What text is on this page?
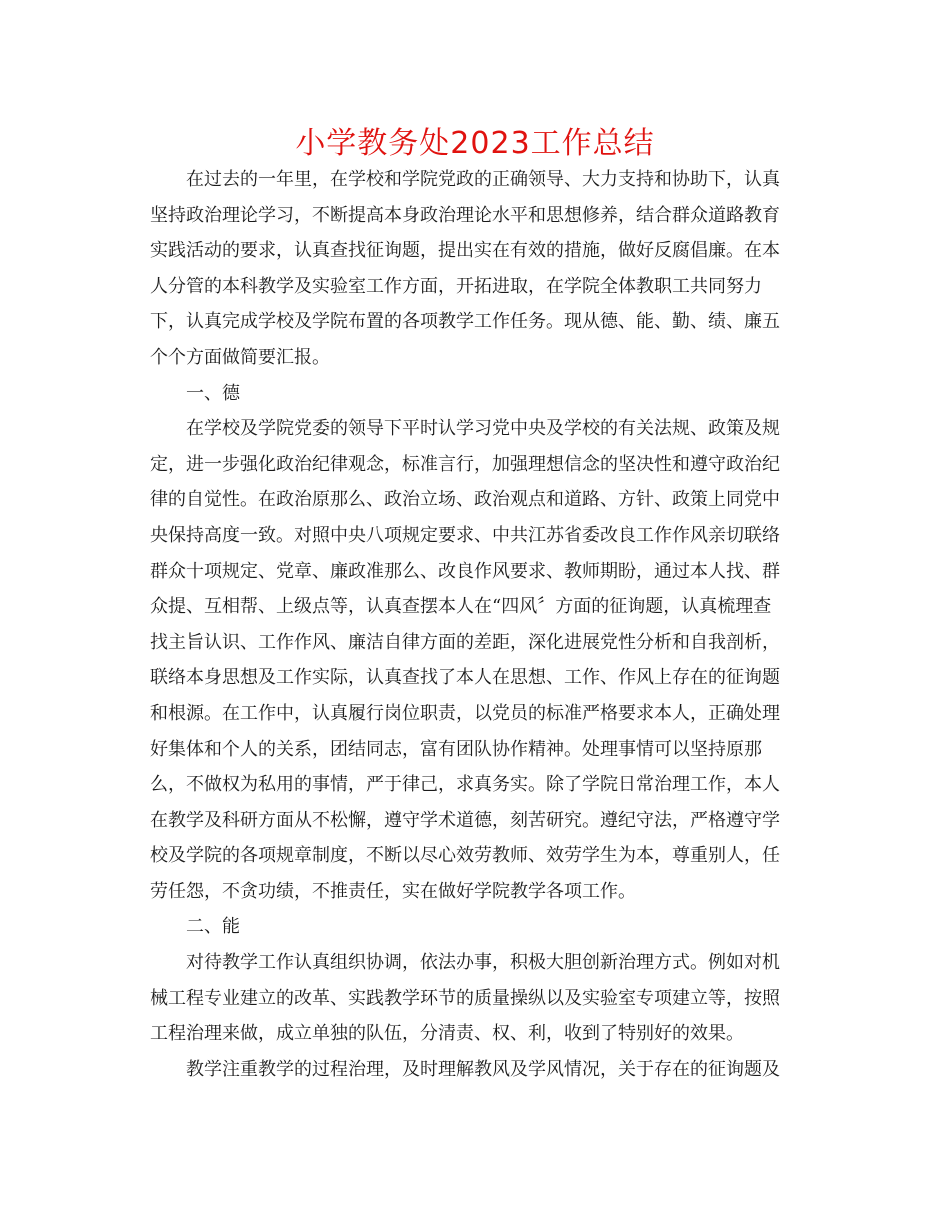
小学教务处2023工作总结
在过去的一年里，在学校和学院党政的正确领导、大力支持和协助下，认真
坚持政治理论学习，不断提高本身政治理论水平和思想修养，结合群众道路教育
实践活动的要求，认真查找征询题，提出实在有效的措施，做好反腐倡廉。在本
人分管的本科教学及实验室工作方面，开拓进取，在学院全体教职工共同努力
下，认真完成学校及学院布置的各项教学工作任务。现从德、能、勤、绩、廉五
个个方面做简要汇报。
一、德
在学校及学院党委的领导下平时认学习党中央及学校的有关法规、政策及规
定，进一步强化政治纪律观念，标准言行，加强理想信念的坚决性和遵守政治纪
律的自觉性。在政治原那么、政治立场、政治观点和道路、方针、政策上同党中
央保持高度一致。对照中央八项规定要求、中共江苏省委改良工作作风亲切联络
群众十项规定、党章、廉政准那么、改良作风要求、教师期盼，通过本人找、群
众提、互相帮、上级点等，认真查摆本人在“四风〞方面的征询题，认真梳理查
找主旨认识、工作作风、廉洁自律方面的差距，深化进展党性分析和自我剖析，
联络本身思想及工作实际，认真查找了本人在思想、工作、作风上存在的征询题
和根源。在工作中，认真履行岗位职责，以党员的标准严格要求本人，正确处理
好集体和个人的关系，团结同志，富有团队协作精神。处理事情可以坚持原那
么，不做权为私用的事情，严于律己，求真务实。除了学院日常治理工作，本人
在教学及科研方面从不松懈，遵守学术道德，刻苦研究。遵纪守法，严格遵守学
校及学院的各项规章制度，不断以尽心效劳教师、效劳学生为本，尊重别人，任
劳任怨，不贪功绩，不推责任，实在做好学院教学各项工作。
二、能
对待教学工作认真组织协调，依法办事，积极大胆创新治理方式。例如对机
械工程专业建立的改革、实践教学环节的质量操纵以及实验室专项建立等，按照
工程治理来做，成立单独的队伍，分清责、权、利，收到了特别好的效果。
教学注重教学的过程治理，及时理解教风及学风情况，关于存在的征询题及
